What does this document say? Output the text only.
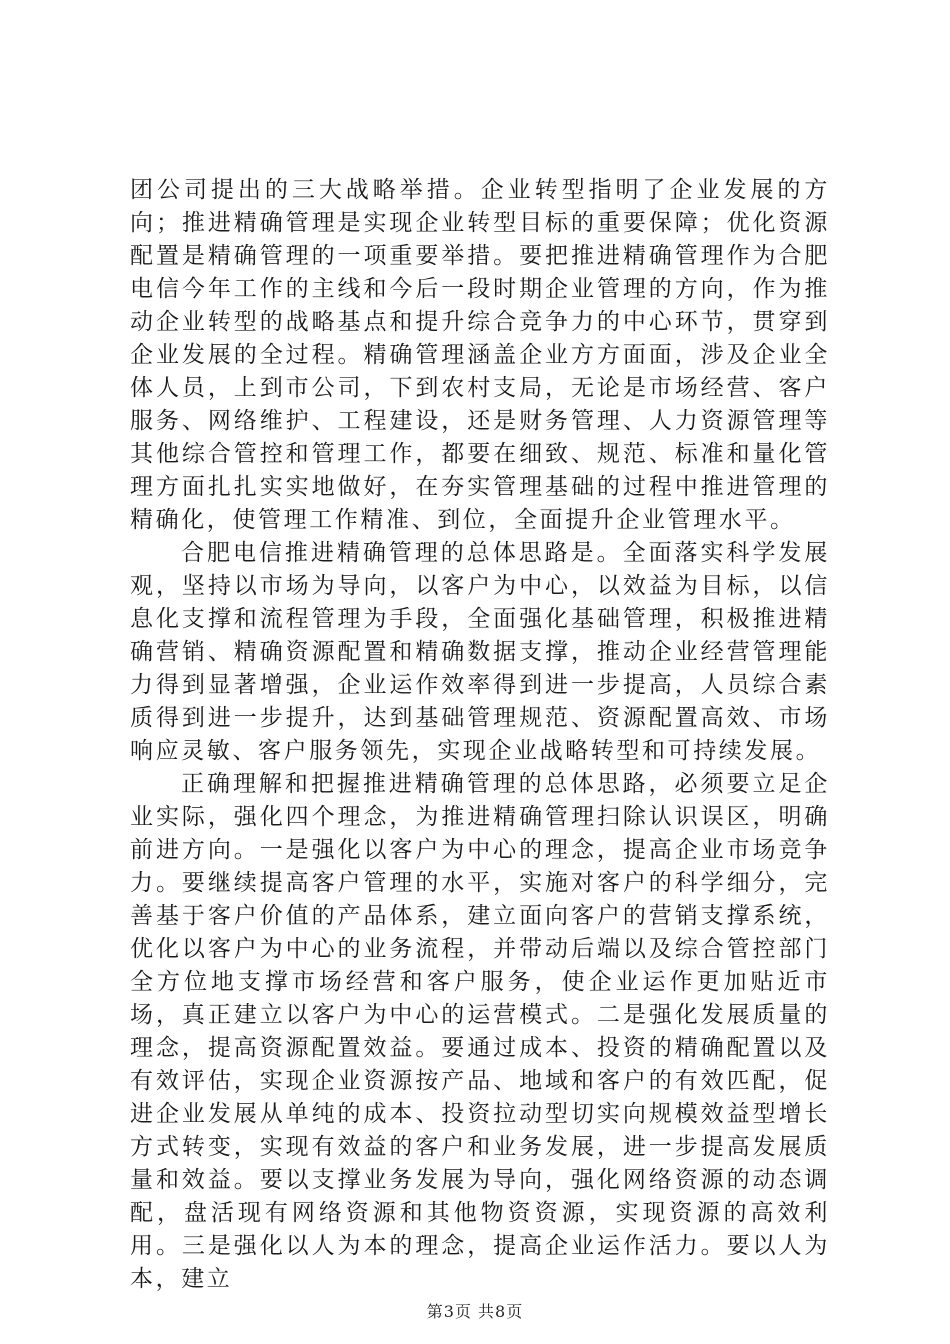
团公司提出的三大战略举措。企业转型指明了企业发展的方向；推进精确管理是实现企业转型目标的重要保障；优化资源配置是精确管理的一项重要举措。要把推进精确管理作为合肥电信今年工作的主线和今后一段时期企业管理的方向，作为推动企业转型的战略基点和提升综合竞争力的中心环节，贯穿到企业发展的全过程。精确管理涵盖企业方方面面，涉及企业全体人员，上到市公司，下到农村支局，无论是市场经营、客户服务、网络维护、工程建设，还是财务管理、人力资源管理等其他综合管控和管理工作，都要在细致、规范、标准和量化管理方面扎扎实实地做好，在夯实管理基础的过程中推进管理的精确化，使管理工作精准、到位，全面提升企业管理水平。

合肥电信推进精确管理的总体思路是。全面落实科学发展观，坚持以市场为导向，以客户为中心，以效益为目标，以信息化支撑和流程管理为手段，全面强化基础管理，积极推进精确营销、精确资源配置和精确数据支撑，推动企业经营管理能力得到显著增强，企业运作效率得到进一步提高，人员综合素质得到进一步提升，达到基础管理规范、资源配置高效、市场响应灵敏、客户服务领先，实现企业战略转型和可持续发展。

正确理解和把握推进精确管理的总体思路，必须要立足企业实际，强化四个理念，为推进精确管理扫除认识误区，明确前进方向。一是强化以客户为中心的理念，提高企业市场竞争力。要继续提高客户管理的水平，实施对客户的科学细分，完善基于客户价值的产品体系，建立面向客户的营销支撑系统，优化以客户为中心的业务流程，并带动后端以及综合管控部门全方位地支撑市场经营和客户服务，使企业运作更加贴近市场，真正建立以客户为中心的运营模式。二是强化发展质量的理念，提高资源配置效益。要通过成本、投资的精确配置以及有效评估，实现企业资源按产品、地域和客户的有效匹配，促进企业发展从单纯的成本、投资拉动型切实向规模效益型增长方式转变，实现有效益的客户和业务发展，进一步提高发展质量和效益。要以支撑业务发展为导向，强化网络资源的动态调配，盘活现有网络资源和其他物资资源，实现资源的高效利用。三是强化以人为本的理念，提高企业运作活力。要以人为本，建立

第3页 共8页
